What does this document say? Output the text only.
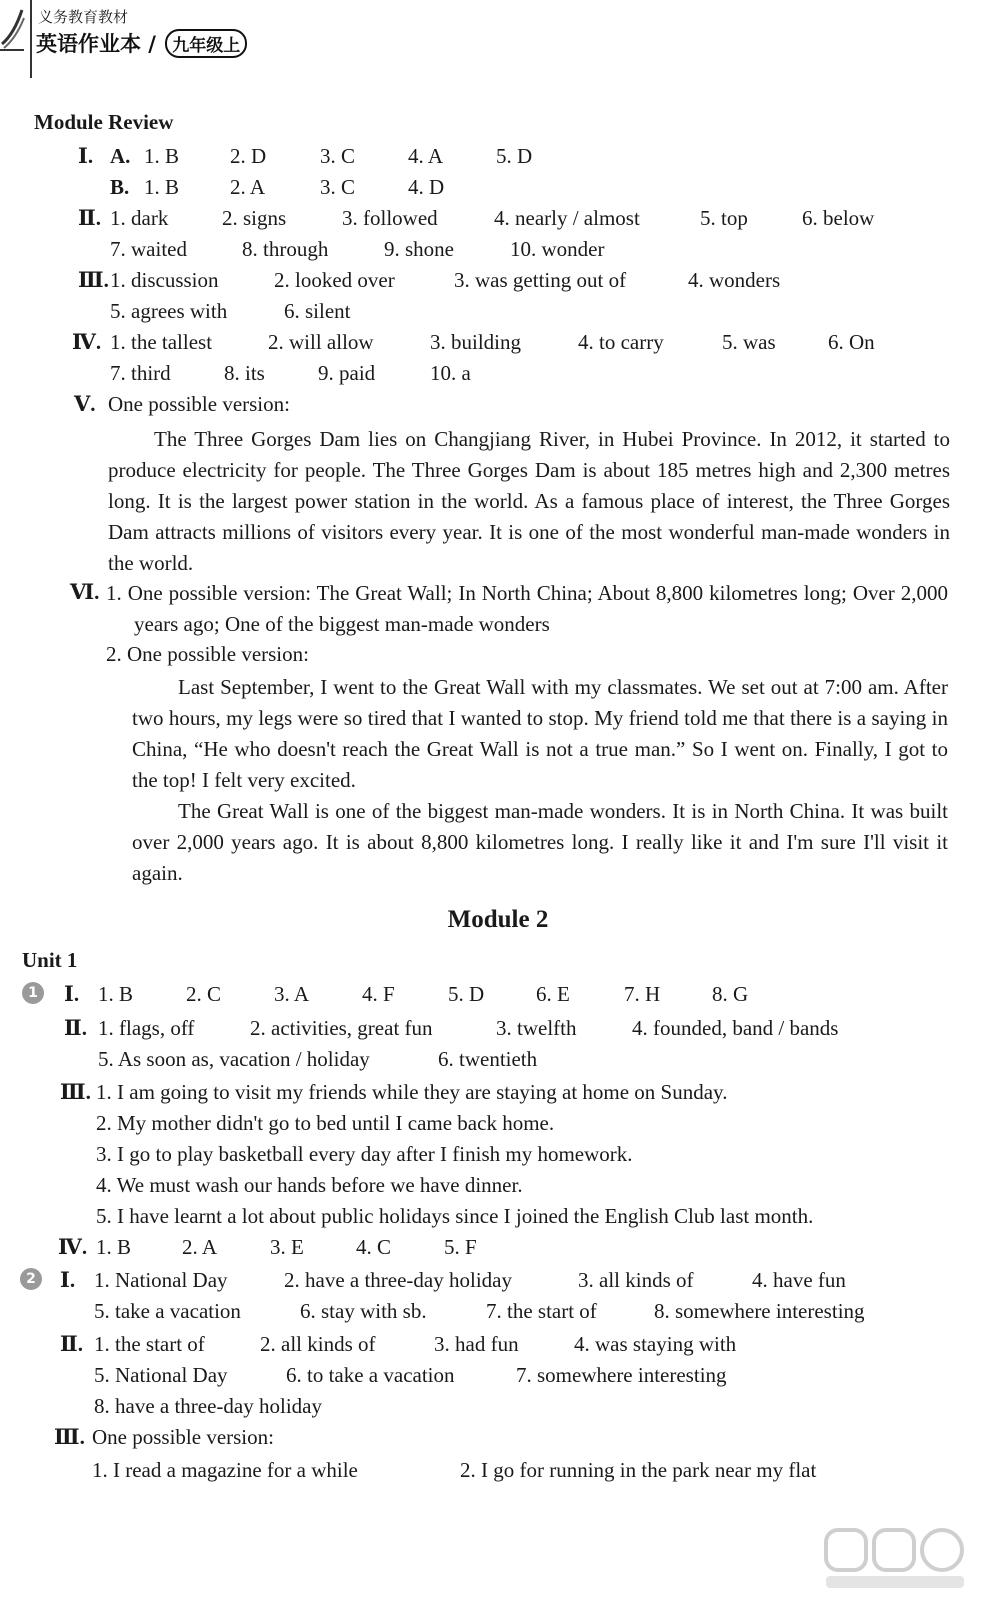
义务教育教材
英语作业本 / 九年级上
Module Review
Ⅰ. A. 1. B 2. D	3. C	4. A	5. D
B. 1. B 2. A	3. C	4. D
Ⅱ. 1. dark	2. signs	3. followed	4. nearly / almost	5. top	6. below
7. waited	8. through	9. shone	10. wonder
Ⅲ. 1. discussion	2. looked over	3. was getting out of	4. wonders
5. agrees with	6. silent
Ⅳ. 1. the tallest	2. will allow	3. building	4. to carry	5. was 6. On
7. third	8. its	9. paid	10. a
Ⅴ. One possible version:
The Three Gorges Dam lies on Changjiang River, in Hubei Province. In 2012, it started to produce electricity for people. The Three Gorges Dam is about 185 metres high and 2,300 metres long. It is the largest power station in the world. As a famous place of interest, the Three Gorges Dam attracts millions of visitors every year. It is one of the most wonderful man-made wonders in the world.
Ⅵ. 1. One possible version: The Great Wall; In North China; About 8,800 kilometres long; Over 2,000 years ago; One of the biggest man-made wonders
2. One possible version:
Last September, I went to the Great Wall with my classmates. We set out at 7:00 am. After two hours, my legs were so tired that I wanted to stop. My friend told me that there is a saying in China, “He who doesn't reach the Great Wall is not a true man.” So I went on. Finally, I got to the top! I felt very excited.
The Great Wall is one of the biggest man-made wonders. It is in North China. It was built over 2,000 years ago. It is about 8,800 kilometres long. I really like it and I'm sure I'll visit it again.
Module 2
Unit 1
1 Ⅰ. 1. B	2. C	3. A	4. F	5. D 6. E	7. H 8. G
Ⅱ. 1. flags, off	2. activities, great fun	3. twelfth	4. founded, band / bands
5. As soon as, vacation / holiday	6. twentieth
Ⅲ. 1. I am going to visit my friends while they are staying at home on Sunday.
2. My mother didn't go to bed until I came back home.
3. I go to play basketball every day after I finish my homework.
4. We must wash our hands before we have dinner.
5. I have learnt a lot about public holidays since I joined the English Club last month.
Ⅳ. 1. B 2. A	3. E 4. C	5. F
2 Ⅰ. 1. National Day	2. have a three-day holiday	3. all kinds of	4. have fun
5. take a vacation	6. stay with sb.	7. the start of	8. somewhere interesting
Ⅱ. 1. the start of	2. all kinds of	3. had fun	4. was staying with
5. National Day	6. to take a vacation	7. somewhere interesting
8. have a three-day holiday
Ⅲ. One possible version:
1. I read a magazine for a while	2. I go for running in the park near my flat
